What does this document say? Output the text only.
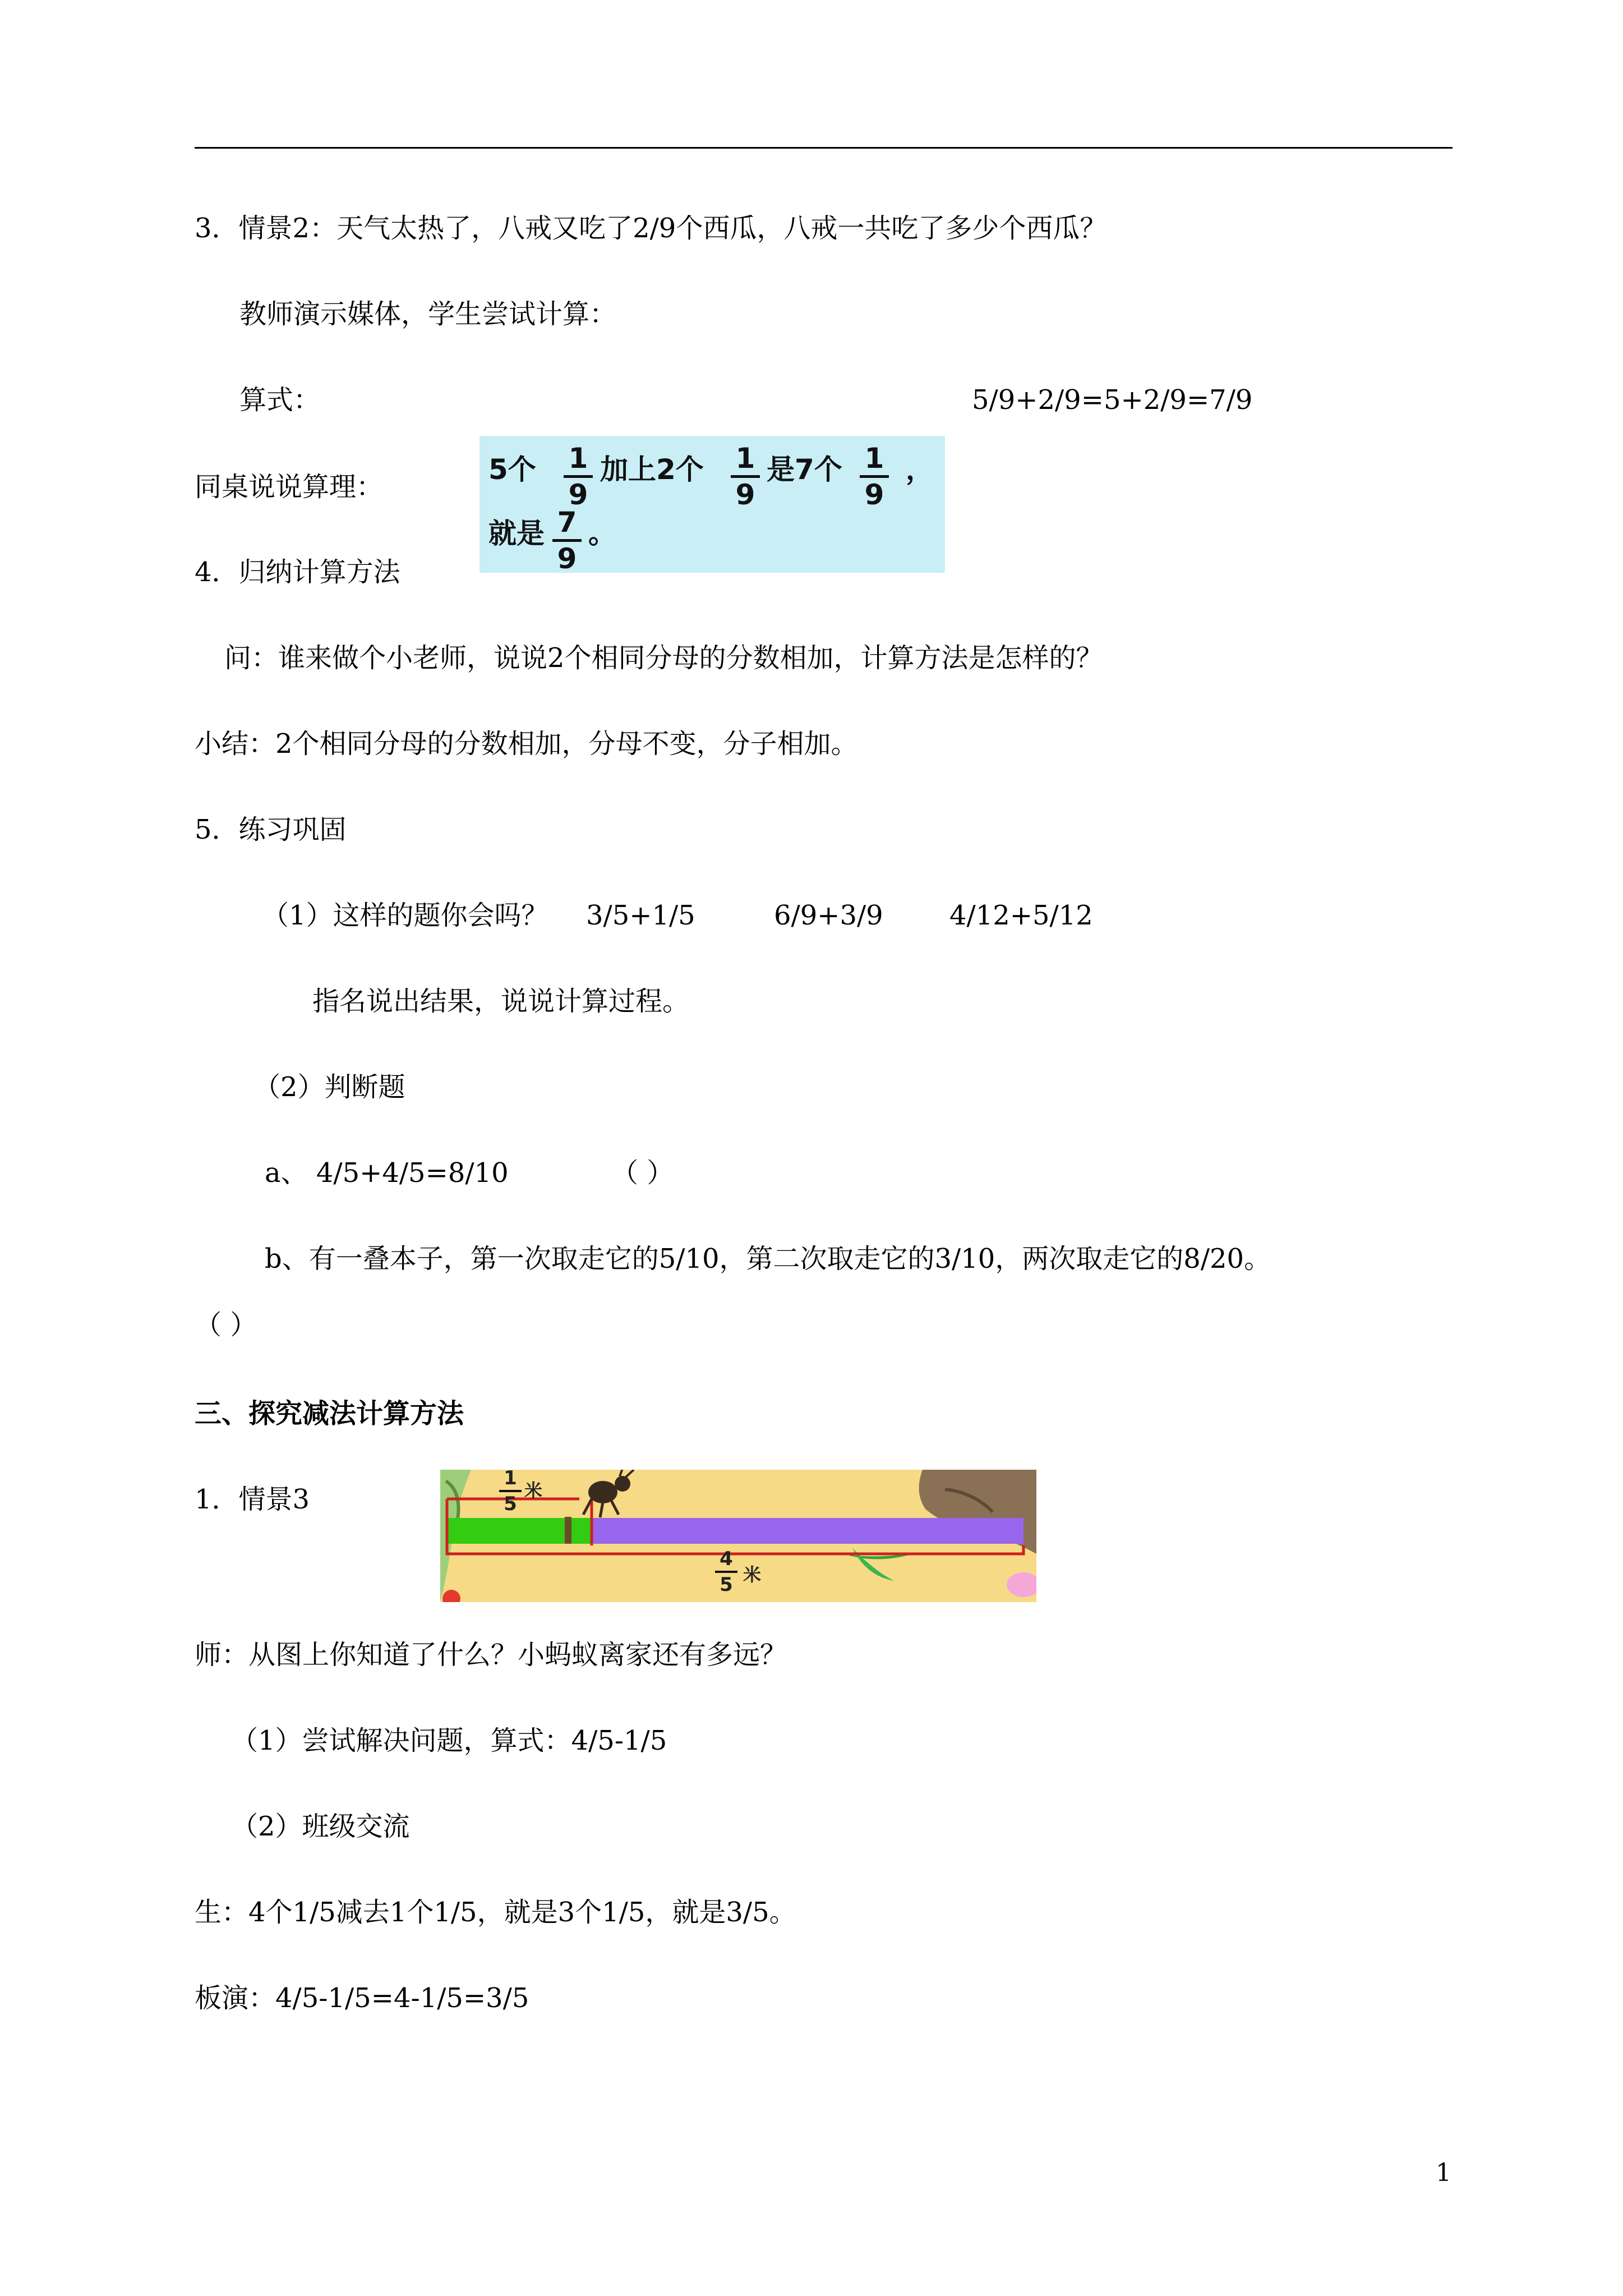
3．情景2：天气太热了，八戒又吃了2/9个西瓜，八戒一共吃了多少个西瓜？
教师演示媒体，学生尝试计算：
算式：	5/9+2/9=5+2/9=7/9
同桌说说算理：
5个 1
9
加上2个 1
9
是7个 1
9
，
就是 7
9
。
4．归纳计算方法
问：谁来做个小老师，说说2个相同分母的分数相加，计算方法是怎样的？
小结：2个相同分母的分数相加，分母不变，分子相加。
5．练习巩固
（1）这样的题你会吗？ 3/5+1/5	6/9+3/9 4/12+5/12
指名说出结果，说说计算过程。
（2）判断题
a、 4/5+4/5=8/10	（ ）
b、有一叠本子，第一次取走它的5/10，第二次取走它的3/10，两次取走它的8/20。
（ ）
三、探究减法计算方法
1．情景3
1
5
米
4
5 米
师：从图上你知道了什么？小蚂蚁离家还有多远？
（1）尝试解决问题，算式：4/5-1/5
（2）班级交流
生：4个1/5减去1个1/5，就是3个1/5，就是3/5。
板演：4/5-1/5=4-1/5=3/5
1
